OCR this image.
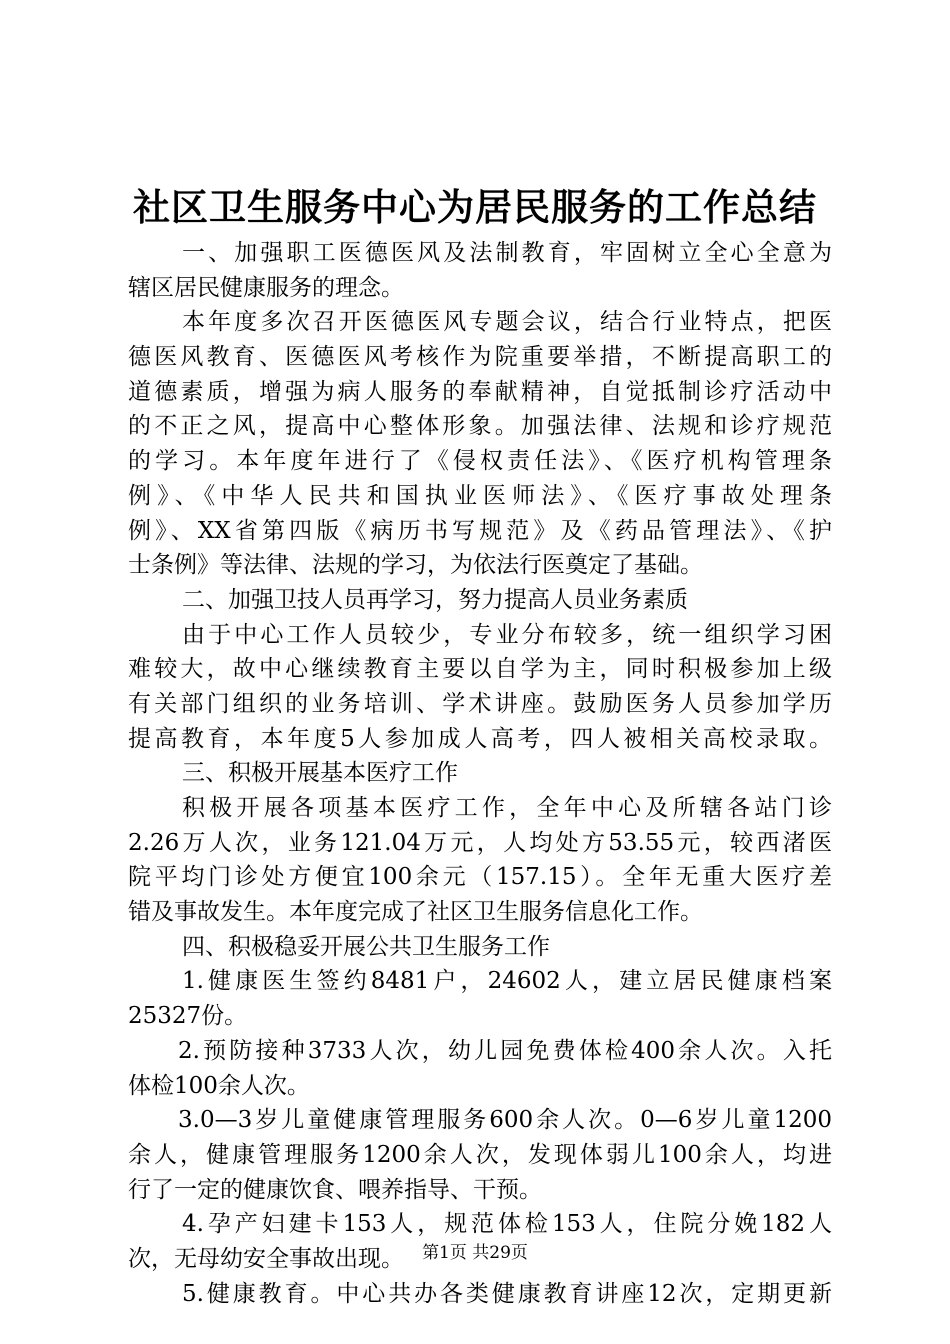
社区卫生服务中心为居民服务的工作总结
一、加强职工医德医风及法制教育，牢固树立全心全意为
辖区居民健康服务的理念。
本年度多次召开医德医风专题会议，结合行业特点，把医
德医风教育、医德医风考核作为院重要举措，不断提高职工的
道德素质，增强为病人服务的奉献精神，自觉抵制诊疗活动中
的不正之风，提高中心整体形象。加强法律、法规和诊疗规范
的学习。本年度年进行了《侵权责任法》、《医疗机构管理条
例》、《中华人民共和国执业医师法》、《医疗事故处理条
例》、XX省第四版《病历书写规范》及《药品管理法》、《护
士条例》等法律、法规的学习，为依法行医奠定了基础。
二、加强卫技人员再学习，努力提高人员业务素质
由于中心工作人员较少，专业分布较多，统一组织学习困
难较大，故中心继续教育主要以自学为主，同时积极参加上级
有关部门组织的业务培训、学术讲座。鼓励医务人员参加学历
提高教育，本年度5人参加成人高考，四人被相关高校录取。
三、积极开展基本医疗工作
积极开展各项基本医疗工作，全年中心及所辖各站门诊
2.26万人次，业务121.04万元，人均处方53.55元，较西渚医
院平均门诊处方便宜100余元（157.15）。全年无重大医疗差
错及事故发生。本年度完成了社区卫生服务信息化工作。
四、积极稳妥开展公共卫生服务工作
1.健康医生签约8481户，24602人，建立居民健康档案
25327份。
2.预防接种3733人次，幼儿园免费体检400余人次。入托
体检100余人次。
3.0—3岁儿童健康管理服务600余人次。0—6岁儿童1200
余人，健康管理服务1200余人次，发现体弱儿100余人，均进
行了一定的健康饮食、喂养指导、干预。
4.孕产妇建卡153人，规范体检153人，住院分娩182人
次，无母幼安全事故出现。
5.健康教育。中心共办各类健康教育讲座12次，定期更新
第1页 共29页
